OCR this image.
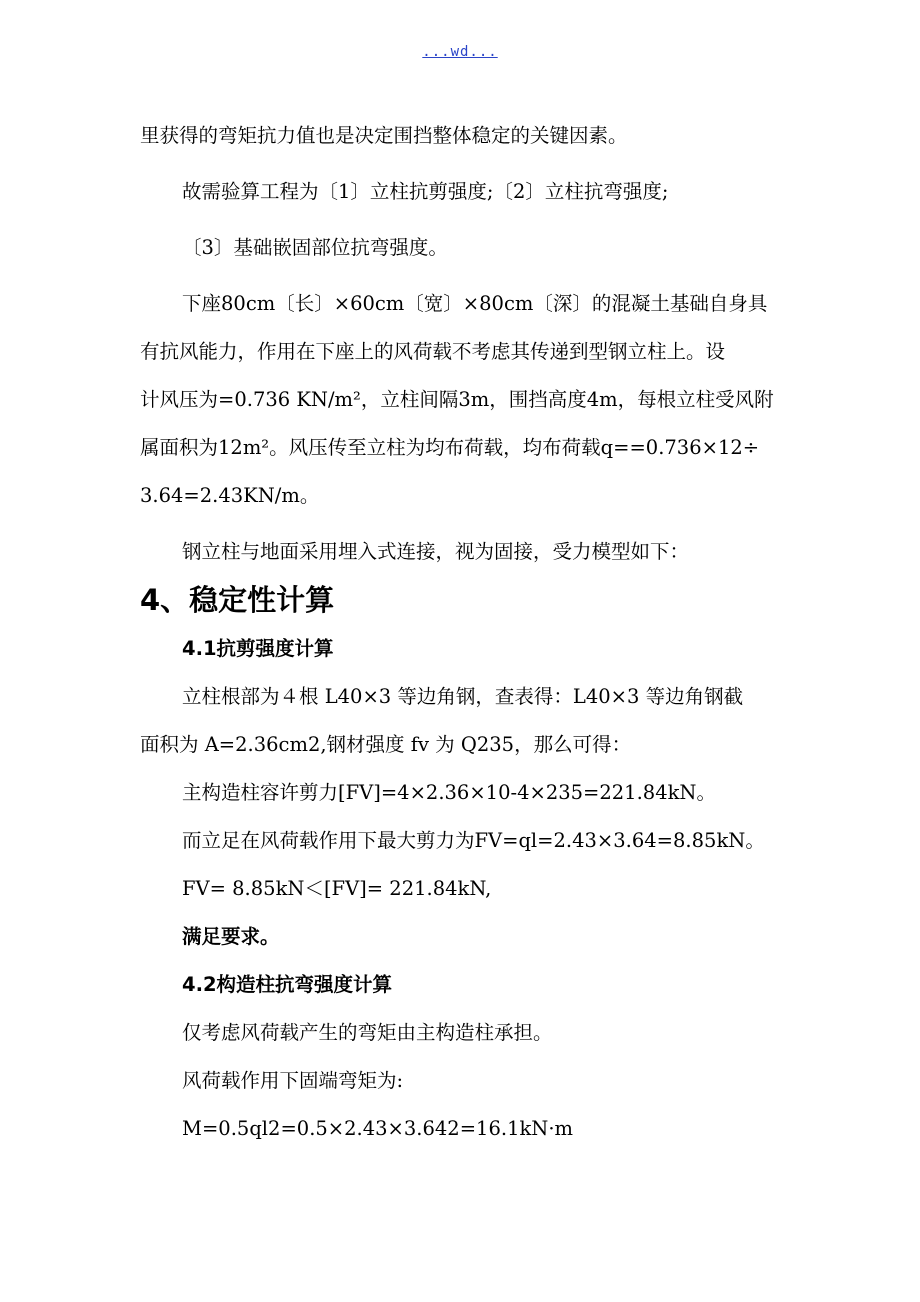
...wd...
里获得的弯矩抗力值也是决定围挡整体稳定的关键因素。
故需验算工程为〔1〕立柱抗剪强度;〔2〕立柱抗弯强度;
〔3〕基础嵌固部位抗弯强度。
下座80cm〔长〕×60cm〔宽〕×80cm〔深〕的混凝土基础自身具
有抗风能力，作用在下座上的风荷载不考虑其传递到型钢立柱上。设
计风压为=0.736 KN/m²，立柱间隔3m，围挡高度4m，每根立柱受风附
属面积为12m²。风压传至立柱为均布荷载，均布荷载q==0.736×12÷
3.64=2.43KN/m。
钢立柱与地面采用埋入式连接，视为固接，受力模型如下：
4、稳定性计算
4.1抗剪强度计算
立柱根部为４根 L40×3 等边角钢，查表得：L40×3 等边角钢截
面积为 A=2.36cm2,钢材强度 fv 为 Q235，那么可得：
主构造柱容许剪力[FV]=4×2.36×10-4×235=221.84kN。
而立足在风荷载作用下最大剪力为FV=ql=2.43×3.64=8.85kN。
FV= 8.85kN＜[FV]= 221.84kN,
满足要求。
4.2构造柱抗弯强度计算
仅考虑风荷载产生的弯矩由主构造柱承担。
风荷载作用下固端弯矩为:
M=0.5ql2=0.5×2.43×3.642=16.1kN·m
